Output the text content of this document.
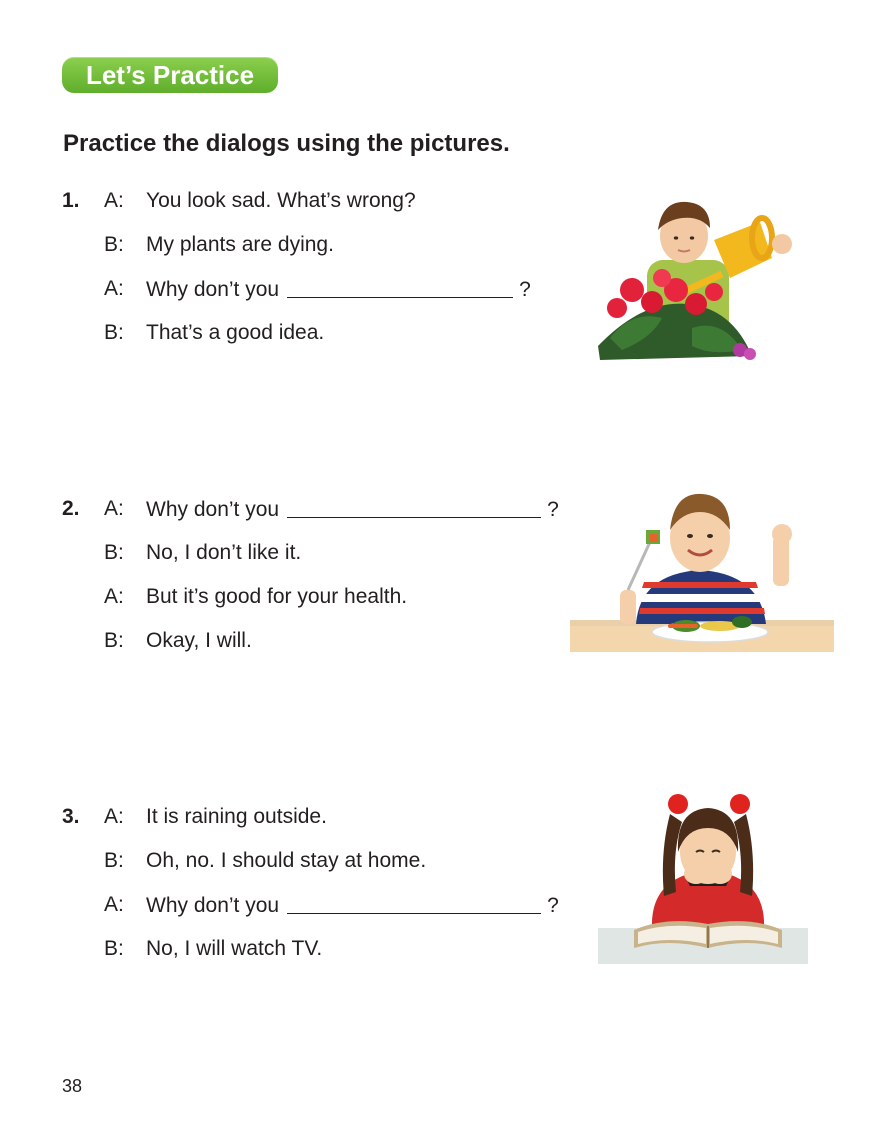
Let’s Practice
Practice the dialogs using the pictures.
1. A: You look sad. What’s wrong?
B: My plants are dying.
A: Why don’t you	?
B: That’s a good idea.
2. A: Why don’t you	?
B: No, I don’t like it.
A: But it’s good for your health.
B: Okay, I will.
3. A: It is raining outside.
B: Oh, no. I should stay at home.
A: Why don’t you	?
B: No, I will watch TV.
38
